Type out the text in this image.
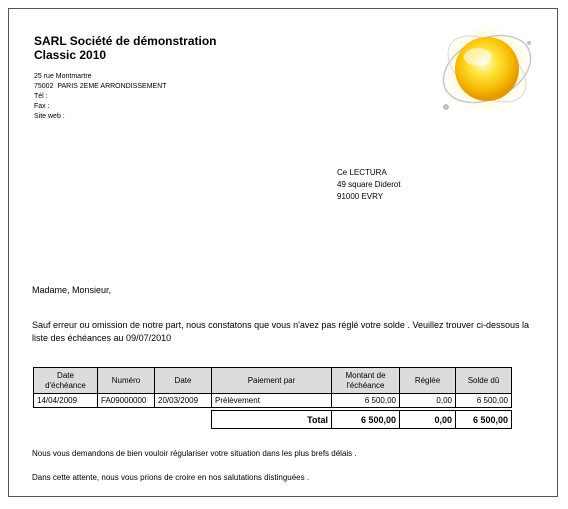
SARL Société de démonstration
Classic 2010
25 rue Montmartre
75002  PARIS 2EME ARRONDISSEMENT
Tél :
Fax :
Site web :
Ce LECTURA
49 square Diderot
91000 EVRY
Madame, Monsieur,
Sauf erreur ou omission de notre part, nous constatons que vous n'avez pas réglé votre solde . Veuillez trouver ci-dessous la liste des échéances au 09/07/2010
Date d'échéance	Numéro	Date	Paiement par	Montant de l'échéance	Réglée	Solde dû
14/04/2009	FA09000000	20/03/2009	Prélèvement	6 500,00	0,00	6 500,00

			Total	6 500,00	0,00	6 500,00
Nous vous demandons de bien vouloir régulariser votre situation dans les plus brefs délais .
Dans cette attente, nous vous prions de croire en nos salutations distinguées .
